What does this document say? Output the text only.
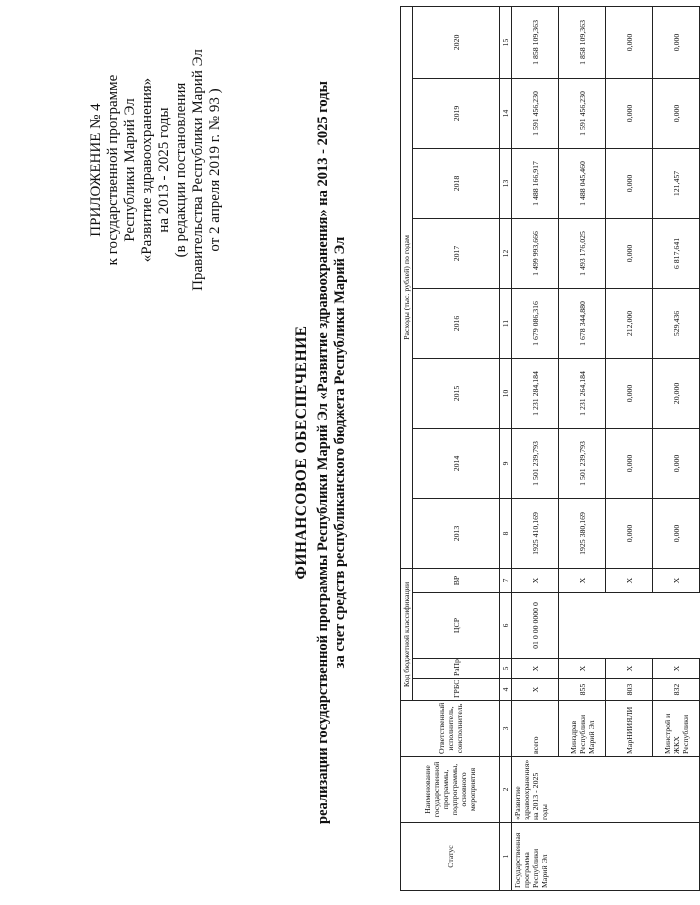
ПРИЛОЖЕНИЕ № 4 к государственной программе Республики Марий Эл «Развитие здравоохранения» на 2013 - 2025 годы (в редакции постановления Правительства Республики Марий Эл от 2 апреля 2019 г. № 93 )
ФИНАНСОВОЕ ОБЕСПЕЧЕНИЕ реализации государственной программы Республики Марий Эл «Развитие здравоохранения» на 2013 - 2025 годы за счет средств республиканского бюджета Республики Марий Эл
Статус	Наименование государственной программы, подпрограммы, основного мероприятия	Ответственный исполнитель, соисполнитель	Код бюджетной классификации				Расходы (тыс. рублей) по годам							
			ГРБС	РзПр	ЦСР	ВР	2013	2014	2015	2016	2017	2018	2019	2020

1	2	3	4	5	6	7	8	9	10	11	12	13	14	15
Государственная программа Республики Марий Эл	«Развитие здравоохранения» на 2013 - 2025 годы	всего	X	X	01 0 00 0000 0	X	1925 410,169	1 501 239,793	1 231 284,184	1 679 086,316	1 499 993,666	1 488 166,917	1 591 456,230	1 858 109,363
		Минздрав Республики Марий Эл	855	X		X	1925 380,169	1 501 239,793	1 231 264,184	1 678 344,880	1 493 176,025	1 488 045,460	1 591 456,230	1 858 109,363
		МарНИИЯЛИ	803	X		X	0,000	0,000	0,000	212,000	0,000	0,000	0,000	0,000
		Минстрой и ЖКХ Республики	832	X		X	0,000	0,000	20,000	529,436	6 817,641	121,457	0,000	0,000
